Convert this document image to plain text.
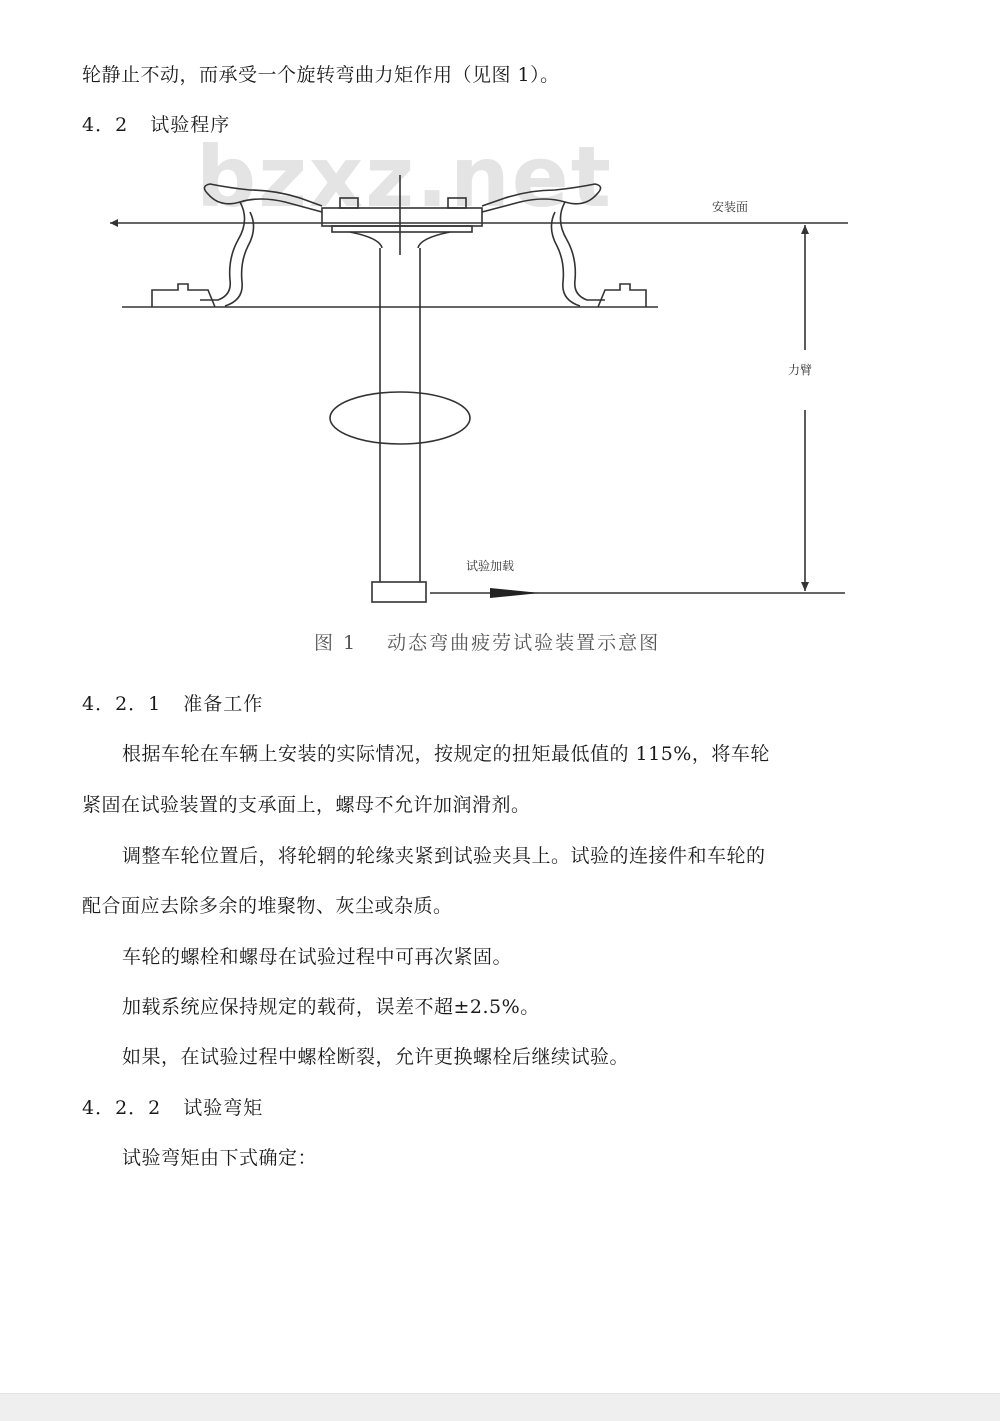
bzxz.net
轮静止不动，而承受一个旋转弯曲力矩作用（见图 1）。
4．2 试验程序
安装面
力臂
试验加载
图 1 动态弯曲疲劳试验装置示意图
4．2．1 准备工作
根据车轮在车辆上安装的实际情况，按规定的扭矩最低值的 115%，将车轮
紧固在试验装置的支承面上，螺母不允许加润滑剂。
调整车轮位置后，将轮辋的轮缘夹紧到试验夹具上。试验的连接件和车轮的
配合面应去除多余的堆聚物、灰尘或杂质。
车轮的螺栓和螺母在试验过程中可再次紧固。
加载系统应保持规定的载荷，误差不超±2.5%。
如果，在试验过程中螺栓断裂，允许更换螺栓后继续试验。
4．2．2 试验弯矩
试验弯矩由下式确定：
